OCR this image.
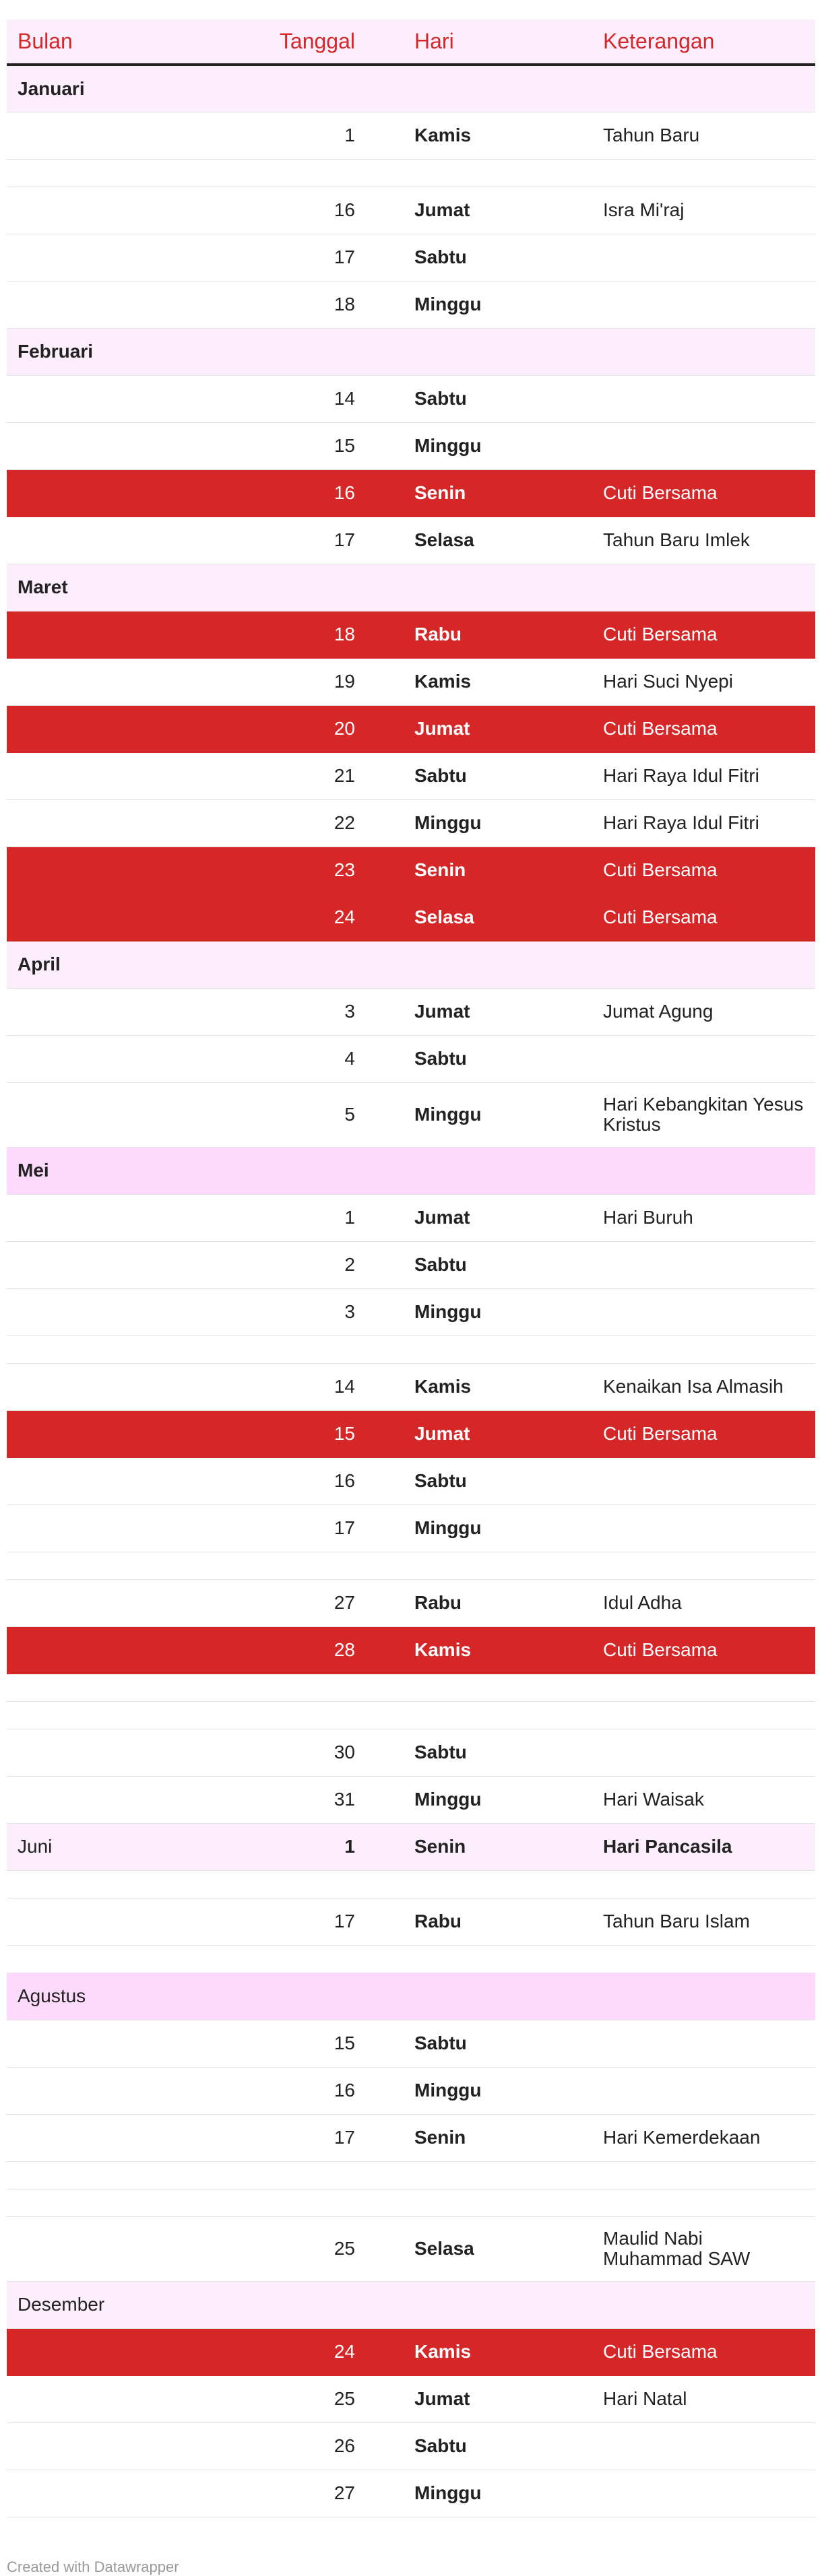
Bulan	Tanggal	Hari	Keterangan
Januari			
	1	Kamis	Tahun Baru

	16	Jumat	Isra Mi'raj
	17	Sabtu	
	18	Minggu	
Februari			
	14	Sabtu	
	15	Minggu	
	16	Senin	Cuti Bersama
	17	Selasa	Tahun Baru Imlek
Maret			
	18	Rabu	Cuti Bersama
	19	Kamis	Hari Suci Nyepi
	20	Jumat	Cuti Bersama
	21	Sabtu	Hari Raya Idul Fitri
	22	Minggu	Hari Raya Idul Fitri
	23	Senin	Cuti Bersama
	24	Selasa	Cuti Bersama
April			
	3	Jumat	Jumat Agung
	4	Sabtu	
	5	Minggu	Hari Kebangkitan Yesus Kristus
Mei			
	1	Jumat	Hari Buruh
	2	Sabtu	
	3	Minggu	

	14	Kamis	Kenaikan Isa Almasih
	15	Jumat	Cuti Bersama
	16	Sabtu	
	17	Minggu	

	27	Rabu	Idul Adha
	28	Kamis	Cuti Bersama

	30	Sabtu	
	31	Minggu	Hari Waisak
Juni	1	Senin	Hari Pancasila

	17	Rabu	Tahun Baru Islam

Agustus			
	15	Sabtu	
	16	Minggu	
	17	Senin	Hari Kemerdekaan

	25	Selasa	Maulid Nabi Muhammad SAW
Desember			
	24	Kamis	Cuti Bersama
	25	Jumat	Hari Natal
	26	Sabtu	
	27	Minggu	
Created with Datawrapper
